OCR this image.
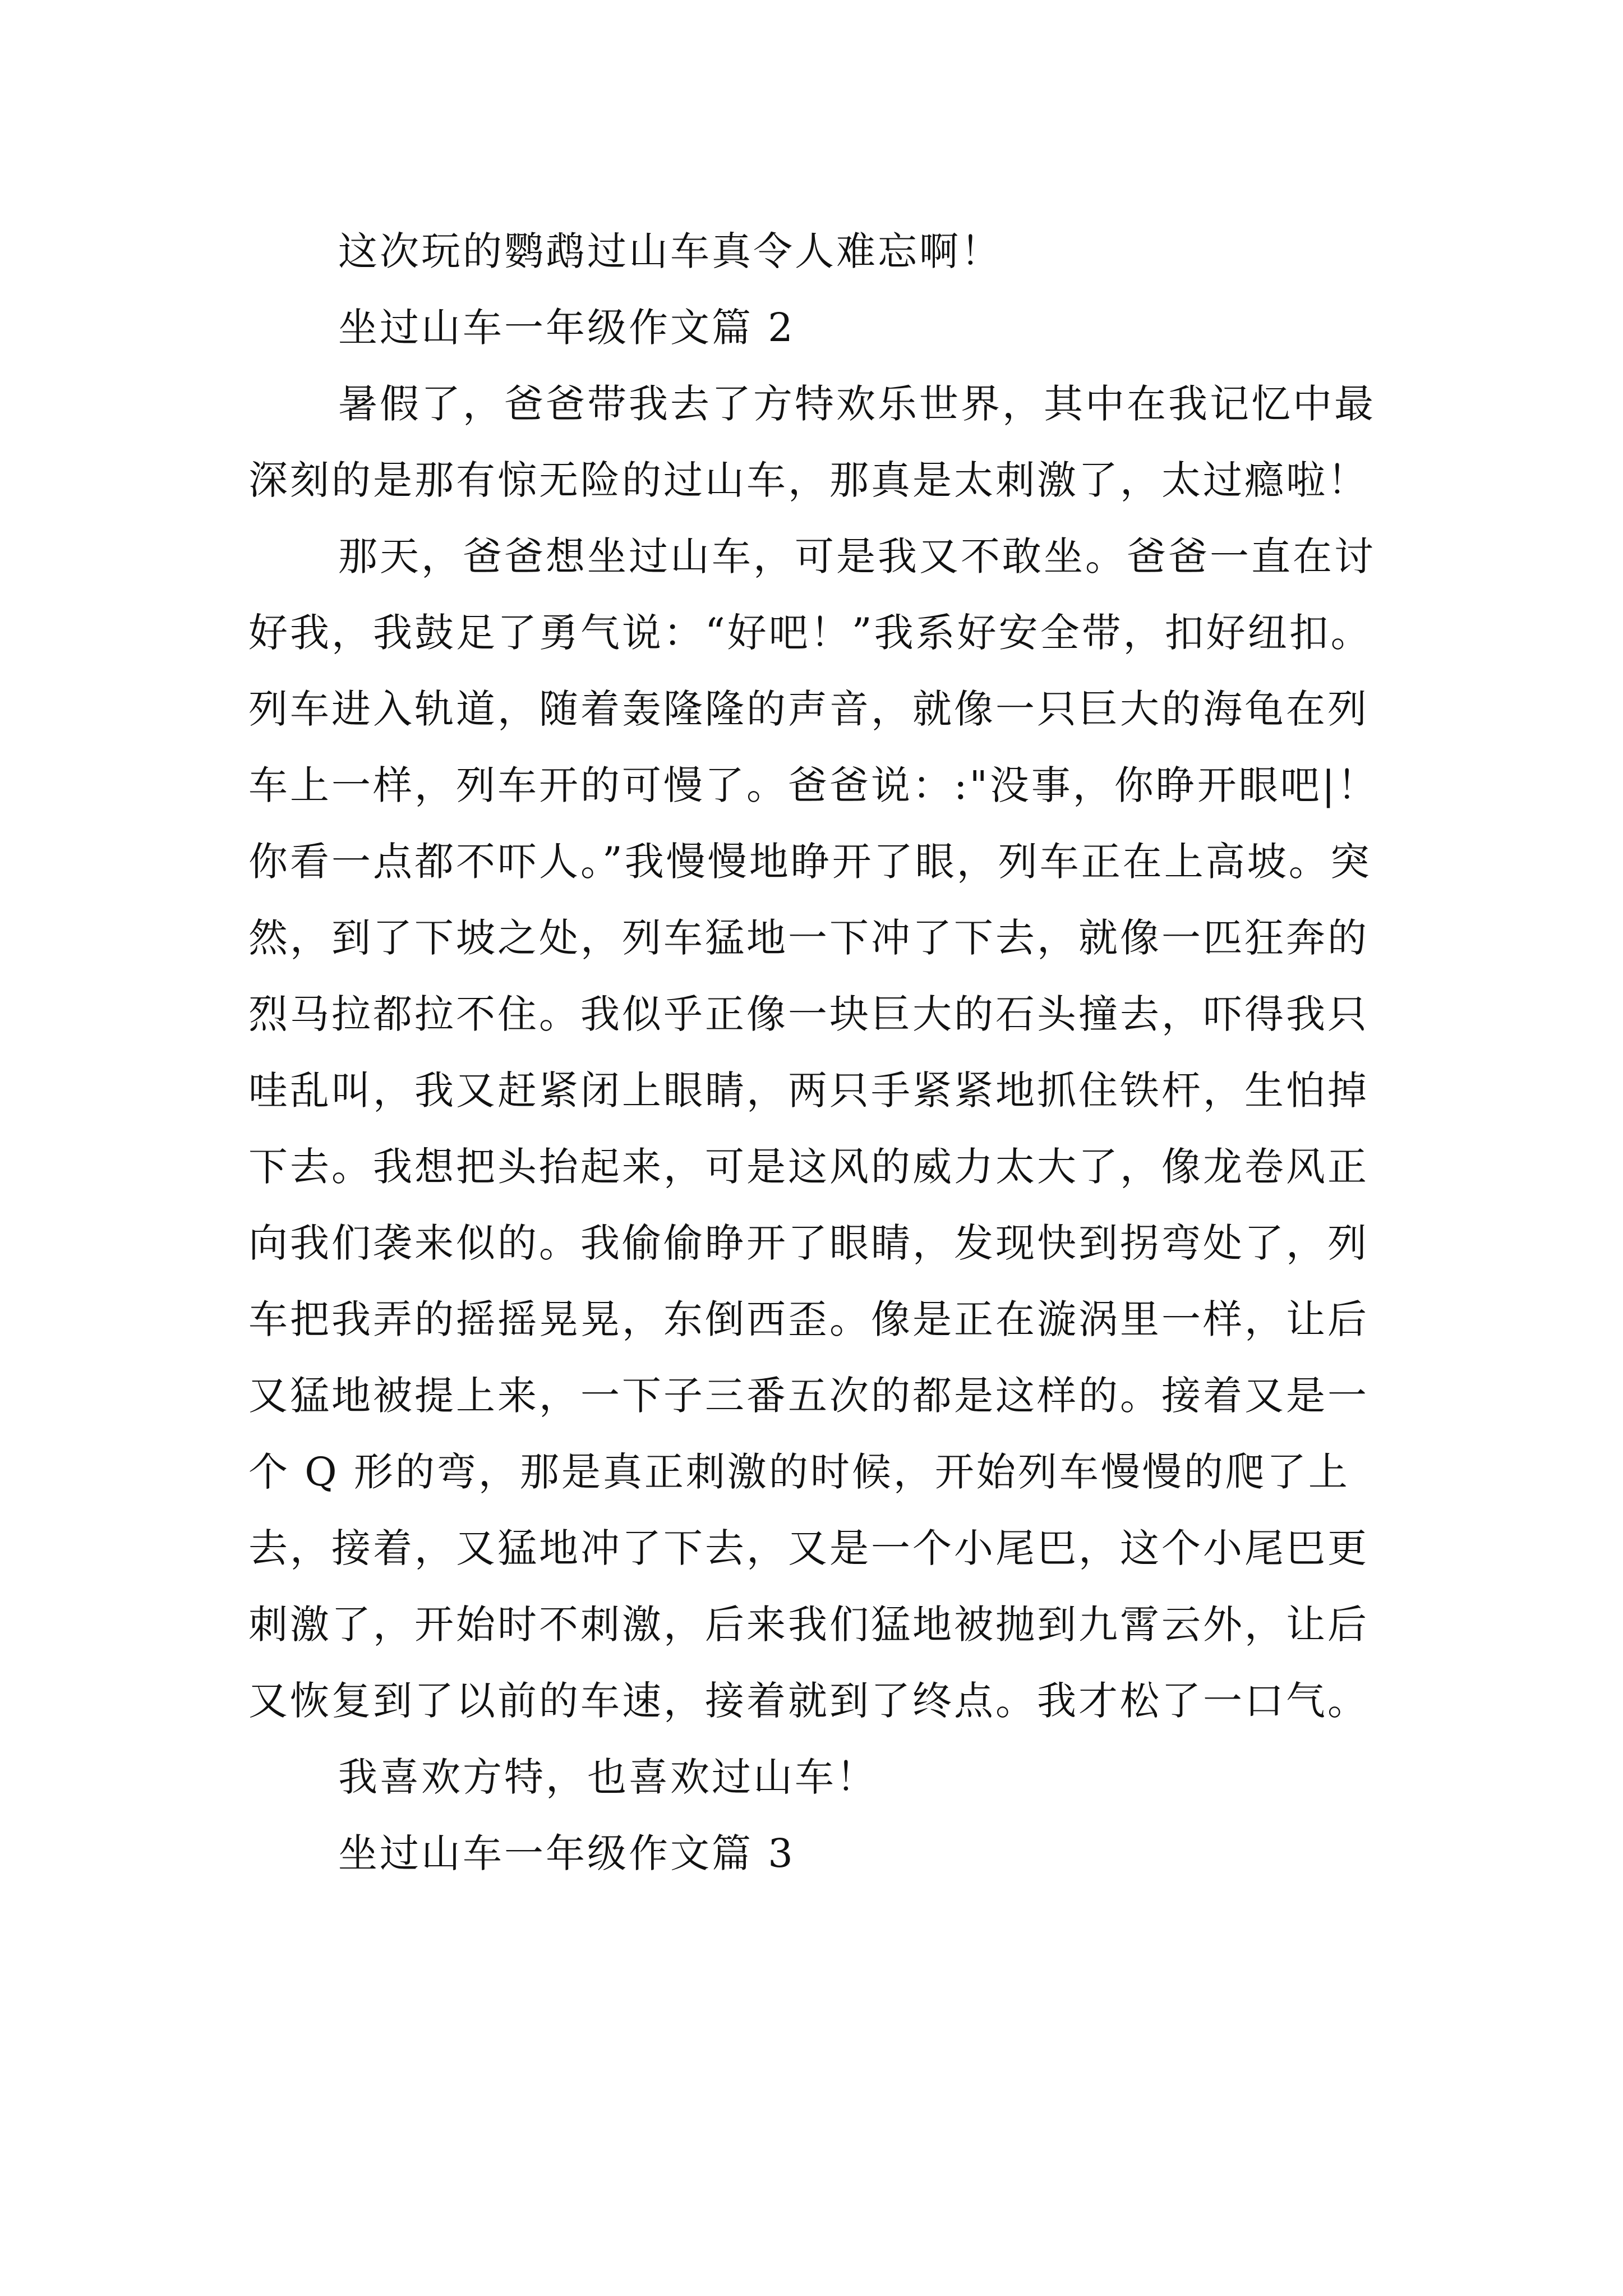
这次玩的鹦鹉过山车真令人难忘啊！

坐过山车一年级作文篇 2

暑假了，爸爸带我去了方特欢乐世界，其中在我记忆中最深刻的是那有惊无险的过山车，那真是太刺激了，太过瘾啦！

那天，爸爸想坐过山车，可是我又不敢坐。爸爸一直在讨好我，我鼓足了勇气说：“好吧！”我系好安全带，扣好纽扣。列车进入轨道，随着轰隆隆的声音，就像一只巨大的海龟在列车上一样，列车开的可慢了。爸爸说：:"没事，你睁开眼吧|！你看一点都不吓人。”我慢慢地睁开了眼，列车正在上高坡。突然，到了下坡之处，列车猛地一下冲了下去，就像一匹狂奔的烈马拉都拉不住。我似乎正像一块巨大的石头撞去，吓得我只哇乱叫，我又赶紧闭上眼睛，两只手紧紧地抓住铁杆，生怕掉下去。我想把头抬起来，可是这风的威力太大了，像龙卷风正向我们袭来似的。我偷偷睁开了眼睛，发现快到拐弯处了，列车把我弄的摇摇晃晃，东倒西歪。像是正在漩涡里一样，让后又猛地被提上来，一下子三番五次的都是这样的。接着又是一个 Q 形的弯，那是真正刺激的时候，开始列车慢慢的爬了上去，接着，又猛地冲了下去，又是一个小尾巴，这个小尾巴更刺激了，开始时不刺激，后来我们猛地被抛到九霄云外，让后又恢复到了以前的车速，接着就到了终点。我才松了一口气。

我喜欢方特，也喜欢过山车！

坐过山车一年级作文篇 3
